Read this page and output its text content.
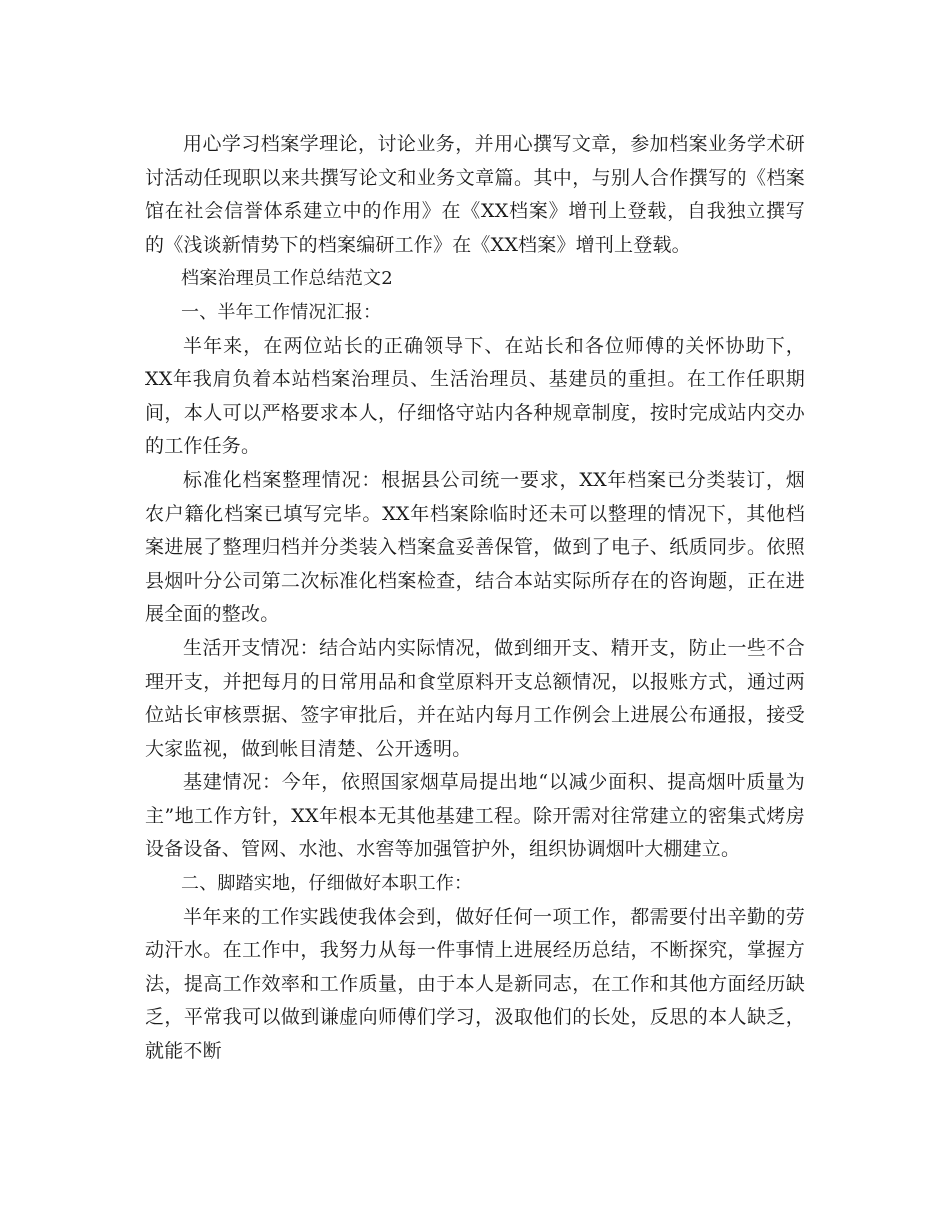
用心学习档案学理论，讨论业务，并用心撰写文章，参加档案业务学术研讨活动任现职以来共撰写论文和业务文章篇。其中，与别人合作撰写的《档案馆在社会信誉体系建立中的作用》在《XX档案》增刊上登载，自我独立撰写的《浅谈新情势下的档案编研工作》在《XX档案》增刊上登载。

档案治理员工作总结范文2

一、半年工作情况汇报：

半年来，在两位站长的正确领导下、在站长和各位师傅的关怀协助下，XX年我肩负着本站档案治理员、生活治理员、基建员的重担。在工作任职期间，本人可以严格要求本人，仔细恪守站内各种规章制度，按时完成站内交办的工作任务。

标准化档案整理情况：根据县公司统一要求，XX年档案已分类装订，烟农户籍化档案已填写完毕。XX年档案除临时还未可以整理的情况下，其他档案进展了整理归档并分类装入档案盒妥善保管，做到了电子、纸质同步。依照县烟叶分公司第二次标准化档案检查，结合本站实际所存在的咨询题，正在进展全面的整改。

生活开支情况：结合站内实际情况，做到细开支、精开支，防止一些不合理开支，并把每月的日常用品和食堂原料开支总额情况，以报账方式，通过两位站长审核票据、签字审批后，并在站内每月工作例会上进展公布通报，接受大家监视，做到帐目清楚、公开透明。

基建情况：今年，依照国家烟草局提出地“以减少面积、提高烟叶质量为主”地工作方针，XX年根本无其他基建工程。除开需对往常建立的密集式烤房设备设备、管网、水池、水窖等加强管护外，组织协调烟叶大棚建立。

二、脚踏实地，仔细做好本职工作：

半年来的工作实践使我体会到，做好任何一项工作，都需要付出辛勤的劳动汗水。在工作中，我努力从每一件事情上进展经历总结，不断探究，掌握方法，提高工作效率和工作质量，由于本人是新同志，在工作和其他方面经历缺乏，平常我可以做到谦虚向师傅们学习，汲取他们的长处，反思的本人缺乏，就能不断
